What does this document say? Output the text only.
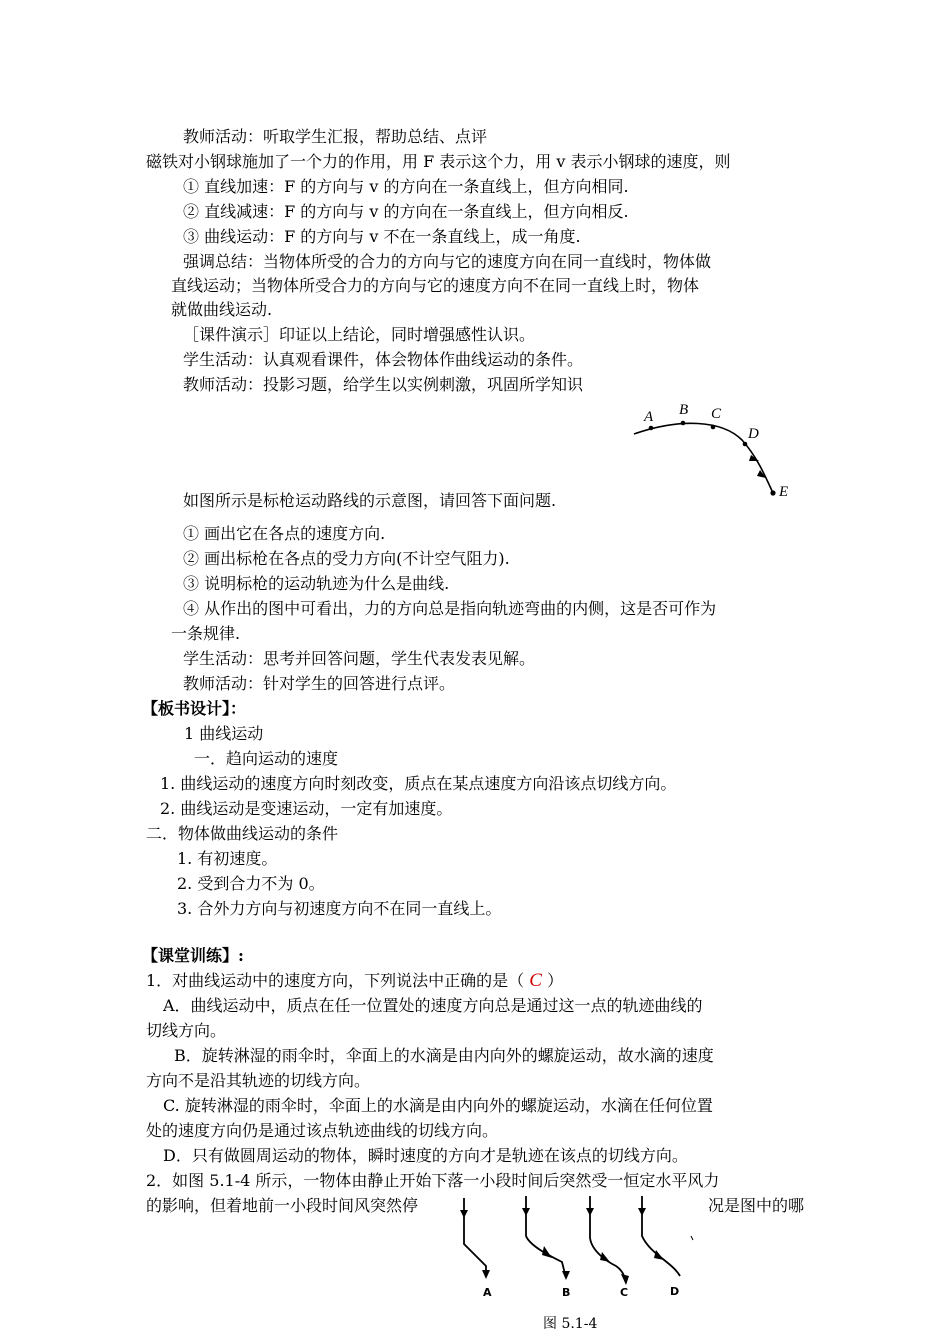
教师活动：听取学生汇报，帮助总结、点评
磁铁对小钢球施加了一个力的作用，用 F 表示这个力，用 v 表示小钢球的速度，则
① 直线加速：F 的方向与 v 的方向在一条直线上，但方向相同.
② 直线减速：F 的方向与 v 的方向在一条直线上，但方向相反.
③ 曲线运动：F 的方向与 v 不在一条直线上，成一角度.
强调总结：当物体所受的合力的方向与它的速度方向在同一直线时，物体做
直线运动；当物体所受合力的方向与它的速度方向不在同一直线上时，物体
就做曲线运动.
［课件演示］印证以上结论，同时增强感性认识。
学生活动：认真观看课件，体会物体作曲线运动的条件。
教师活动：投影习题，给学生以实例刺激，巩固所学知识
A B C
D
E
如图所示是标枪运动路线的示意图，请回答下面问题.
① 画出它在各点的速度方向.
② 画出标枪在各点的受力方向(不计空气阻力).
③ 说明标枪的运动轨迹为什么是曲线.
④ 从作出的图中可看出，力的方向总是指向轨迹弯曲的内侧，这是否可作为
一条规律.
学生活动：思考并回答问题，学生代表发表见解。
教师活动：针对学生的回答进行点评。
【板书设计】：
1 曲线运动
一．趋向运动的速度
1. 曲线运动的速度方向时刻改变，质点在某点速度方向沿该点切线方向。
2. 曲线运动是变速运动，一定有加速度。
二．物体做曲线运动的条件
1. 有初速度。
2. 受到合力不为 0。
3. 合外力方向与初速度方向不在同一直线上。
【课堂训练】:
1．对曲线运动中的速度方向，下列说法中正确的是（ C ）
A．曲线运动中，质点在任一位置处的速度方向总是通过这一点的轨迹曲线的
切线方向。
B．旋转淋湿的雨伞时，伞面上的水滴是由内向外的螺旋运动，故水滴的速度
方向不是沿其轨迹的切线方向。
C. 旋转淋湿的雨伞时，伞面上的水滴是由内向外的螺旋运动，水滴在任何位置
处的速度方向仍是通过该点轨迹曲线的切线方向。
D．只有做圆周运动的物体，瞬时速度的方向才是轨迹在该点的切线方向。
2．如图 5.1-4 所示，一物体由静止开始下落一小段时间后突然受一恒定水平风力
的影响，但着地前一小段时间风突然停	况是图中的哪
A	B	C	D
图 5.1-4
